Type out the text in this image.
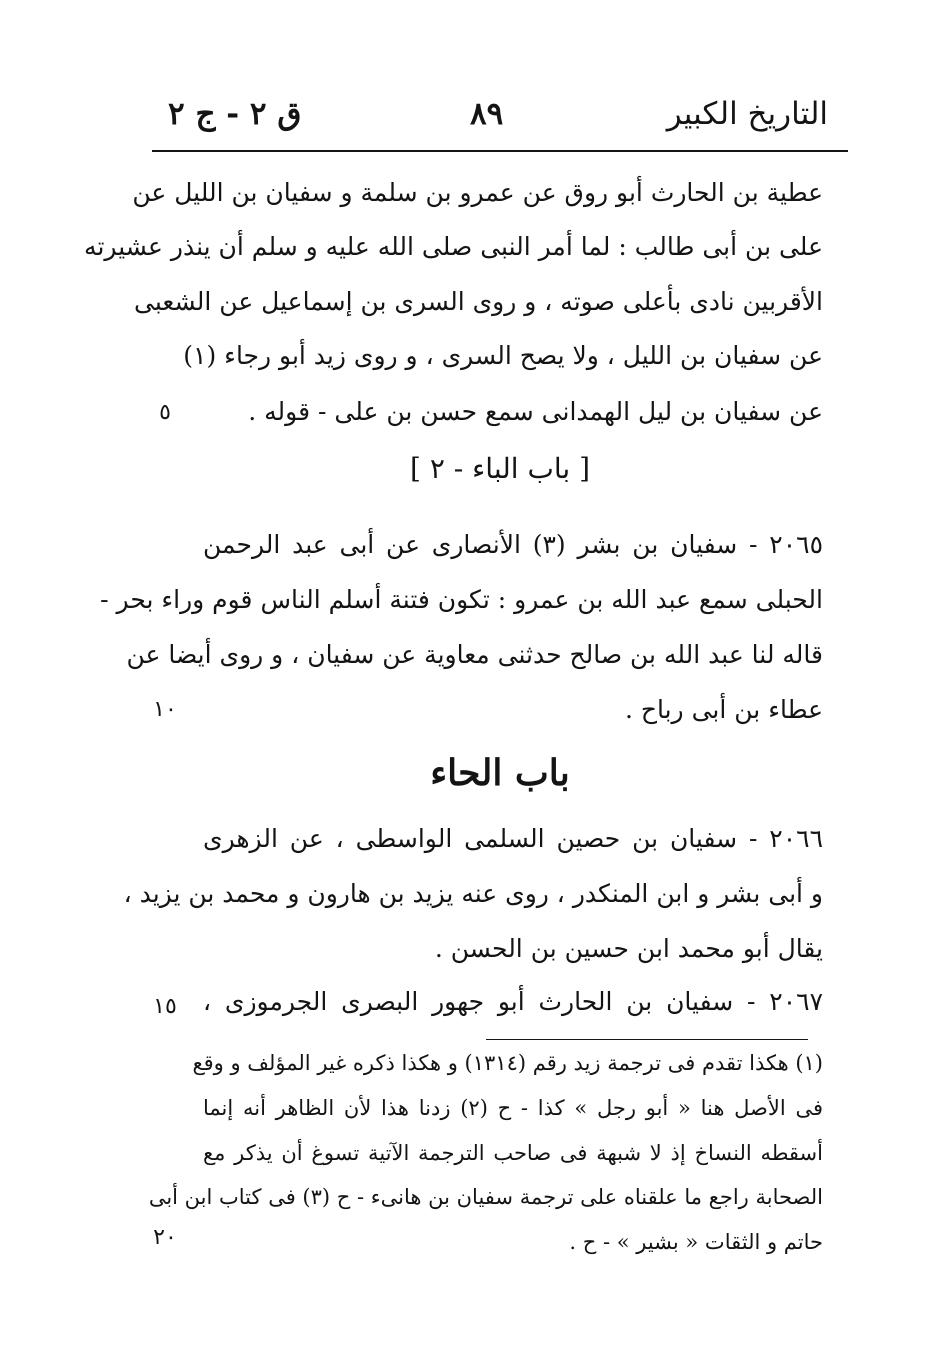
التاريخ الكبير
٨٩
ق ٢ - ج ٢
عطية بن الحارث أبو روق عن عمرو بن سلمة و سفيان بن الليل عن
على بن أبى طالب : لما أمر النبى صلى الله عليه و سلم أن ينذر عشيرته
الأقربين نادى بأعلى صوته ، و روى السرى بن إسماعيل عن الشعبى
عن سفيان بن الليل ، ولا يصح السرى ، و روى زيد أبو رجاء (١)
عن سفيان بن ليل الهمدانى سمع حسن بن على - قوله .
٥
[ باب الباء - ٢ ]
٢٠٦٥ - سفيان بن بشر (٣) الأنصارى عن أبى عبد الرحمن
الحبلى سمع عبد الله بن عمرو : تكون فتنة أسلم الناس قوم وراء بحر -
قاله لنا عبد الله بن صالح حدثنى معاوية عن سفيان ، و روى أيضا عن
عطاء بن أبى رباح .
١٠
باب الحاء
٢٠٦٦ - سفيان بن حصين السلمى الواسطى ، عن الزهرى
و أبى بشر و ابن المنكدر ، روى عنه يزيد بن هارون و محمد بن يزيد ،
يقال أبو محمد ابن حسين بن الحسن .
٢٠٦٧ - سفيان بن الحارث أبو جهور البصرى الجرموزى ،
١٥
(١) هكذا تقدم فى ترجمة زيد رقم (١٣١٤) و هكذا ذكره غير المؤلف و وقع
فى الأصل هنا « أبو رجل » كذا - ح (٢) زدنا هذا لأن الظاهر أنه إنما
أسقطه النساخ إذ لا شبهة فى صاحب الترجمة الآتية تسوغ أن يذكر مع
الصحابة راجع ما علقناه على ترجمة سفيان بن هانىء - ح (٣) فى كتاب ابن أبى
حاتم و الثقات « بشير » - ح .
٢٠
